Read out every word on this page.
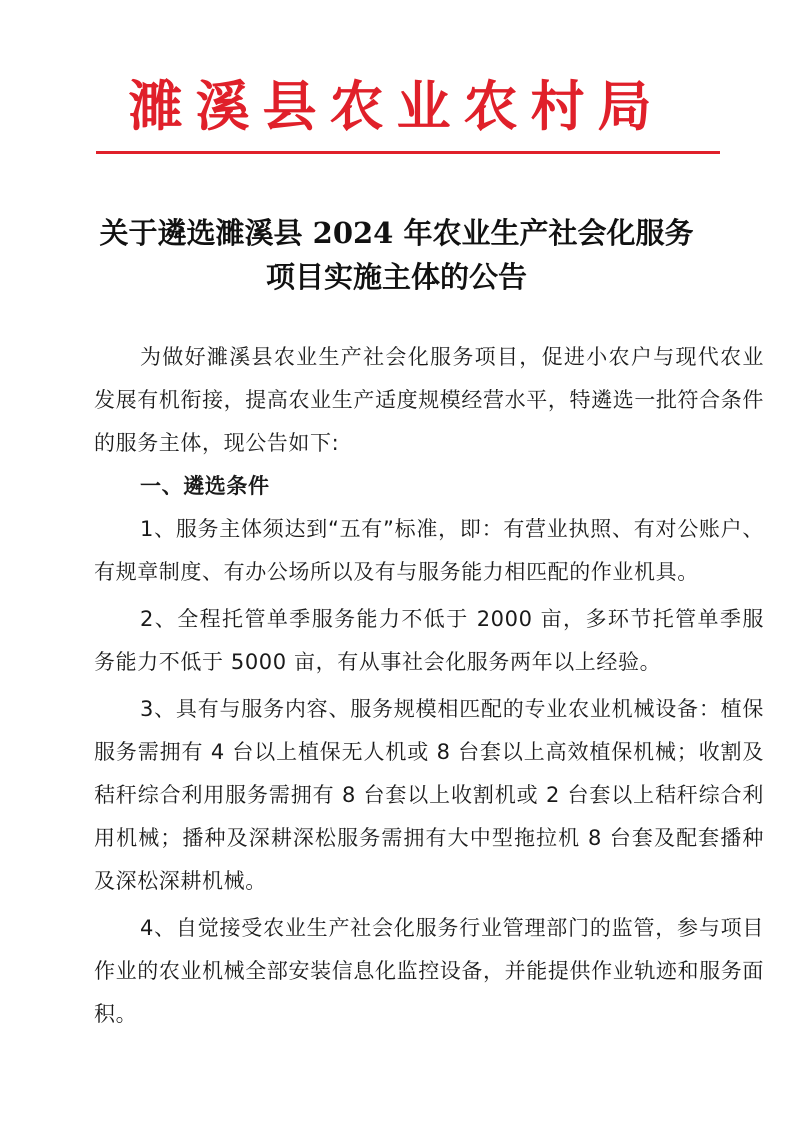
濉溪县农业农村局
关于遴选濉溪县 2024 年农业生产社会化服务
项目实施主体的公告

为做好濉溪县农业生产社会化服务项目，促进小农户与现代农业发展有机衔接，提高农业生产适度规模经营水平，特遴选一批符合条件的服务主体，现公告如下:

一、遴选条件

1、服务主体须达到“五有”标准，即：有营业执照、有对公账户、有规章制度、有办公场所以及有与服务能力相匹配的作业机具。

2、全程托管单季服务能力不低于 2000 亩，多环节托管单季服务能力不低于 5000 亩，有从事社会化服务两年以上经验。

3、具有与服务内容、服务规模相匹配的专业农业机械设备：植保服务需拥有 4 台以上植保无人机或 8 台套以上高效植保机械；收割及秸秆综合利用服务需拥有 8 台套以上收割机或 2 台套以上秸秆综合利用机械；播种及深耕深松服务需拥有大中型拖拉机 8 台套及配套播种及深松深耕机械。

4、自觉接受农业生产社会化服务行业管理部门的监管，参与项目作业的农业机械全部安装信息化监控设备，并能提供作业轨迹和服务面积。
